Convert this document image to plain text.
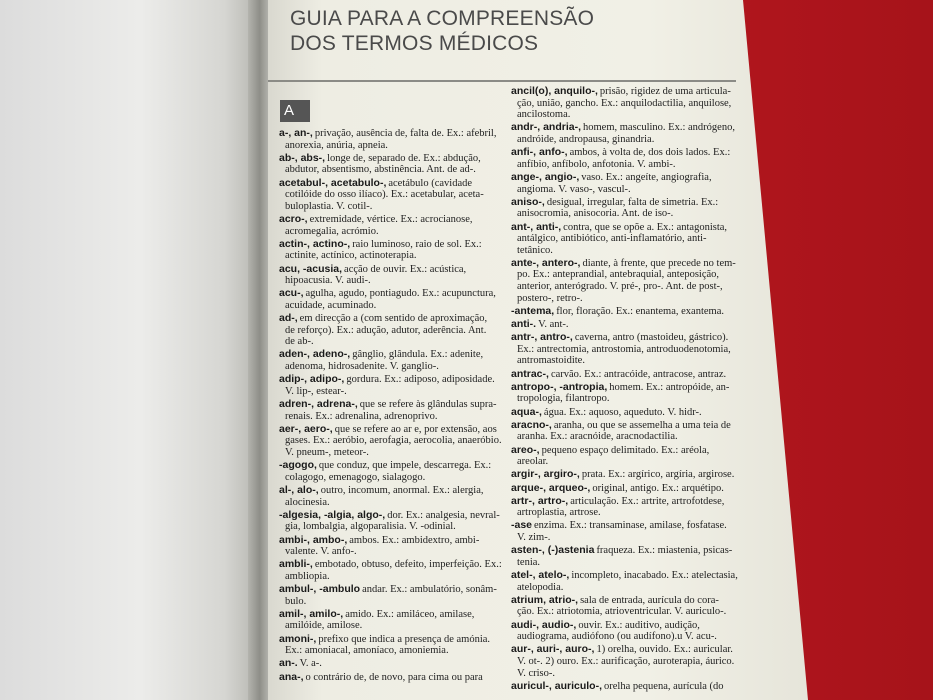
GUIA PARA A COMPREENSÃO
DOS TERMOS MÉDICOS
A
a-, an-, privação, ausência de, falta de. Ex.: afebril,
anorexia, anúria, apneia.
ab-, abs-, longe de, separado de. Ex.: abdução,
abdutor, absentismo, abstinência. Ant. de ad-.
acetabul-, acetabulo-, acetábulo (cavidade
cotilóide do osso ilíaco). Ex.: acetabular, aceta-
buloplastia. V. cotil-.
acro-, extremidade, vértice. Ex.: acrocianose,
acromegalia, acrómio.
actin-, actino-, raio luminoso, raio de sol. Ex.:
actinite, actínico, actinoterapia.
acu, -acusia, acção de ouvir. Ex.: acústica,
hipoacusia. V. audi-.
acu-, agulha, agudo, pontiagudo. Ex.: acupunctura,
acuidade, acuminado.
ad-, em direcção a (com sentido de aproximação,
de reforço). Ex.: adução, adutor, aderência. Ant.
de ab-.
aden-, adeno-, gânglio, glândula. Ex.: adenite,
adenoma, hidrosadenite. V. ganglio-.
adip-, adipo-, gordura. Ex.: adiposo, adiposidade.
V. lip-, estear-.
adren-, adrena-, que se refere às glândulas supra-
renais. Ex.: adrenalina, adrenoprivo.
aer-, aero-, que se refere ao ar e, por extensão, aos
gases. Ex.: aeróbio, aerofagia, aerocolia, anaeróbio.
V. pneum-, meteor-.
-agogo, que conduz, que impele, descarrega. Ex.:
colagogo, emenagogo, sialagogo.
al-, alo-, outro, incomum, anormal. Ex.: alergia,
alocinesia.
-algesia, -algia, algo-, dor. Ex.: analgesia, nevral-
gia, lombalgia, algoparalisia. V. -odinial.
ambi-, ambo-, ambos. Ex.: ambidextro, ambi-
valente. V. anfo-.
ambli-, embotado, obtuso, defeito, imperfeição. Ex.:
ambliopia.
ambul-, -ambulo andar. Ex.: ambulatório, sonâm-
bulo.
amil-, amilo-, amido. Ex.: amiláceo, amilase,
amilóide, amilose.
amoni-, prefixo que indica a presença de amónia.
Ex.: amoniacal, amoníaco, amoniemia.
an-. V. a-.
ana-, o contrário de, de novo, para cima ou para
ancil(o), anquilo-, prisão, rigidez de uma articula-
ção, união, gancho. Ex.: anquilodactilia, anquilose,
ancilostoma.
andr-, andria-, homem, masculino. Ex.: andrógeno,
andróide, andropausa, ginandria.
anfi-, anfo-, ambos, à volta de, dos dois lados. Ex.:
anfíbio, anfíbolo, anfotonia. V. ambi-.
ange-, angio-, vaso. Ex.: angeíte, angiografia,
angioma. V. vaso-, vascul-.
aniso-, desigual, irregular, falta de simetria. Ex.:
anisocromia, anisocoria. Ant. de iso-.
ant-, anti-, contra, que se opõe a. Ex.: antagonista,
antálgico, antibiótico, anti-inflamatório, anti-
tetânico.
ante-, antero-, diante, à frente, que precede no tem-
po. Ex.: anteprandial, antebraquial, anteposição,
anterior, anterógrado. V. pré-, pro-. Ant. de post-,
postero-, retro-.
-antema, flor, floração. Ex.: enantema, exantema.
anti-. V. ant-.
antr-, antro-, caverna, antro (mastoideu, gástrico).
Ex.: antrectomia, antrostomia, antroduodenotomia,
antromastoidite.
antrac-, carvão. Ex.: antracóide, antracose, antraz.
antropo-, -antropia, homem. Ex.: antropóide, an-
tropologia, filantropo.
aqua-, água. Ex.: aquoso, aqueduto. V. hidr-.
aracno-, aranha, ou que se assemelha a uma teia de
aranha. Ex.: aracnóide, aracnodactilia.
areo-, pequeno espaço delimitado. Ex.: aréola,
areolar.
argir-, argiro-, prata. Ex.: argírico, argíria, argirose.
arque-, arqueo-, original, antigo. Ex.: arquétipo.
artr-, artro-, articulação. Ex.: artrite, artrofotdese,
artroplastia, artrose.
-ase enzima. Ex.: transaminase, amilase, fosfatase.
V. zim-.
asten-, (-)astenia fraqueza. Ex.: miastenia, psicas-
tenia.
atel-, atelo-, incompleto, inacabado. Ex.: atelectasia,
atelopodia.
atrium, atrio-, sala de entrada, aurícula do cora-
ção. Ex.: atriotomia, atrioventricular. V. auriculo-.
audi-, audio-, ouvir. Ex.: auditivo, audição,
audiograma, audiófono (ou audífono).u V. acu-.
aur-, auri-, auro-, 1) orelha, ouvido. Ex.: auricular.
V. ot-. 2) ouro. Ex.: aurificação, auroterapia, áurico.
V. criso-.
auricul-, auriculo-, orelha pequena, aurícula (do
